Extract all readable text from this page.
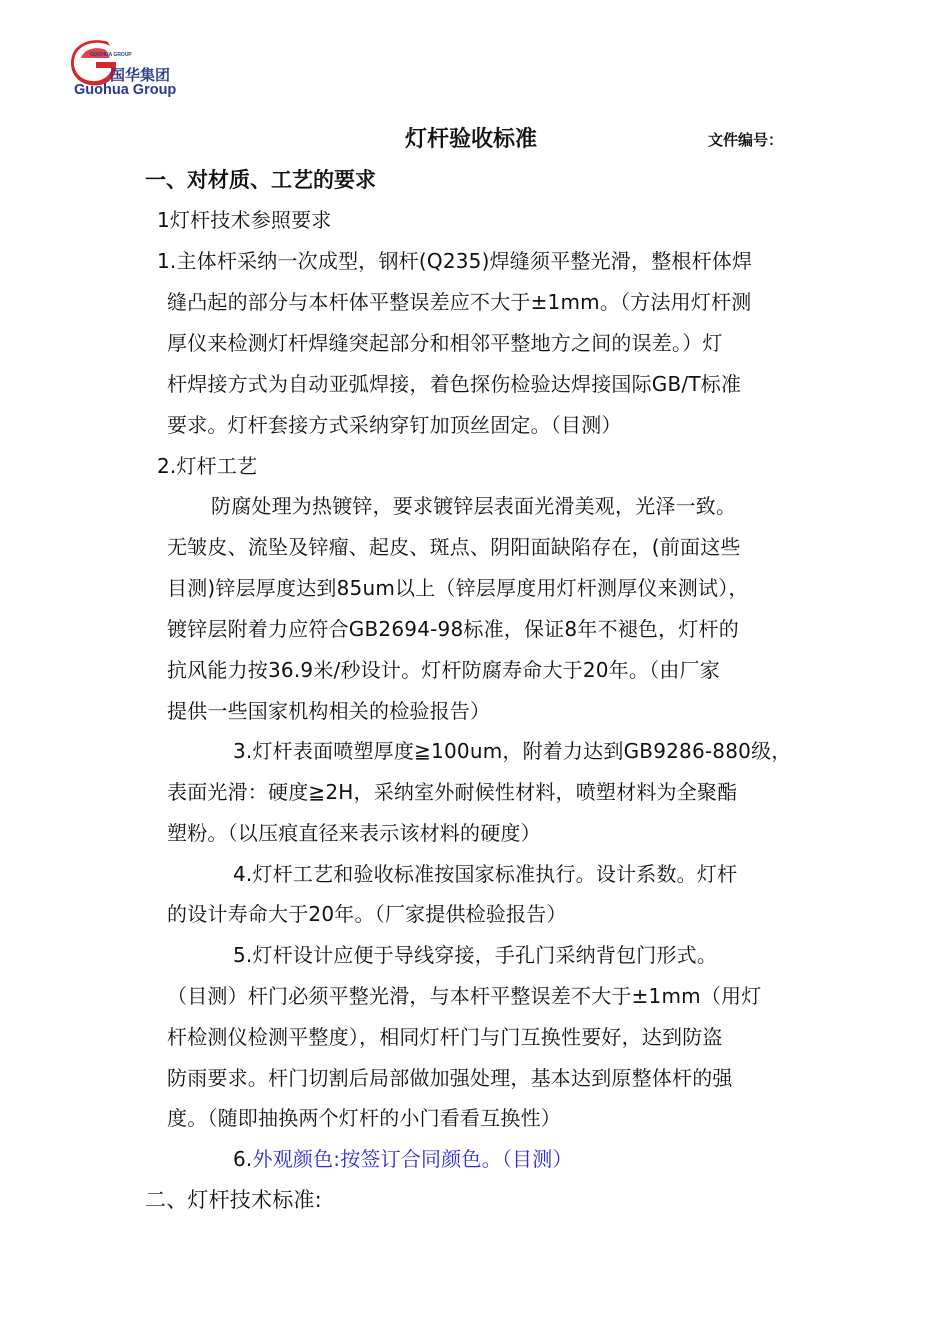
GUOHUA GROUP
国华集团
Guohua Group
灯杆验收标准	文件编号：
一、对材质、工艺的要求
1灯杆技术参照要求
1.主体杆采纳一次成型，钢杆(Q235)焊缝须平整光滑，整根杆体焊
缝凸起的部分与本杆体平整误差应不大于±1mm。（方法用灯杆测
厚仪来检测灯杆焊缝突起部分和相邻平整地方之间的误差。）灯
杆焊接方式为自动亚弧焊接，着色探伤检验达焊接国际GB/T标准
要求。灯杆套接方式采纳穿钉加顶丝固定。（目测）
2.灯杆工艺
防腐处理为热镀锌，要求镀锌层表面光滑美观，光泽一致。
无皱皮、流坠及锌瘤、起皮、斑点、阴阳面缺陷存在，(前面这些
目测)锌层厚度达到85um以上（锌层厚度用灯杆测厚仪来测试），
镀锌层附着力应符合GB2694-98标准，保证8年不褪色，灯杆的
抗风能力按36.9米/秒设计。灯杆防腐寿命大于20年。（由厂家
提供一些国家机构相关的检验报告）
3.灯杆表面喷塑厚度≧100um，附着力达到GB9286-880级，
表面光滑：硬度≧2H，采纳室外耐候性材料，喷塑材料为全聚酯
塑粉。（以压痕直径来表示该材料的硬度）
4.灯杆工艺和验收标准按国家标准执行。设计系数。灯杆
的设计寿命大于20年。（厂家提供检验报告）
5.灯杆设计应便于导线穿接，手孔门采纳背包门形式。
（目测）杆门必须平整光滑，与本杆平整误差不大于±1mm（用灯
杆检测仪检测平整度），相同灯杆门与门互换性要好，达到防盗
防雨要求。杆门切割后局部做加强处理，基本达到原整体杆的强
度。（随即抽换两个灯杆的小门看看互换性）
6.外观颜色:按签订合同颜色。（目测）
二、灯杆技术标准:
